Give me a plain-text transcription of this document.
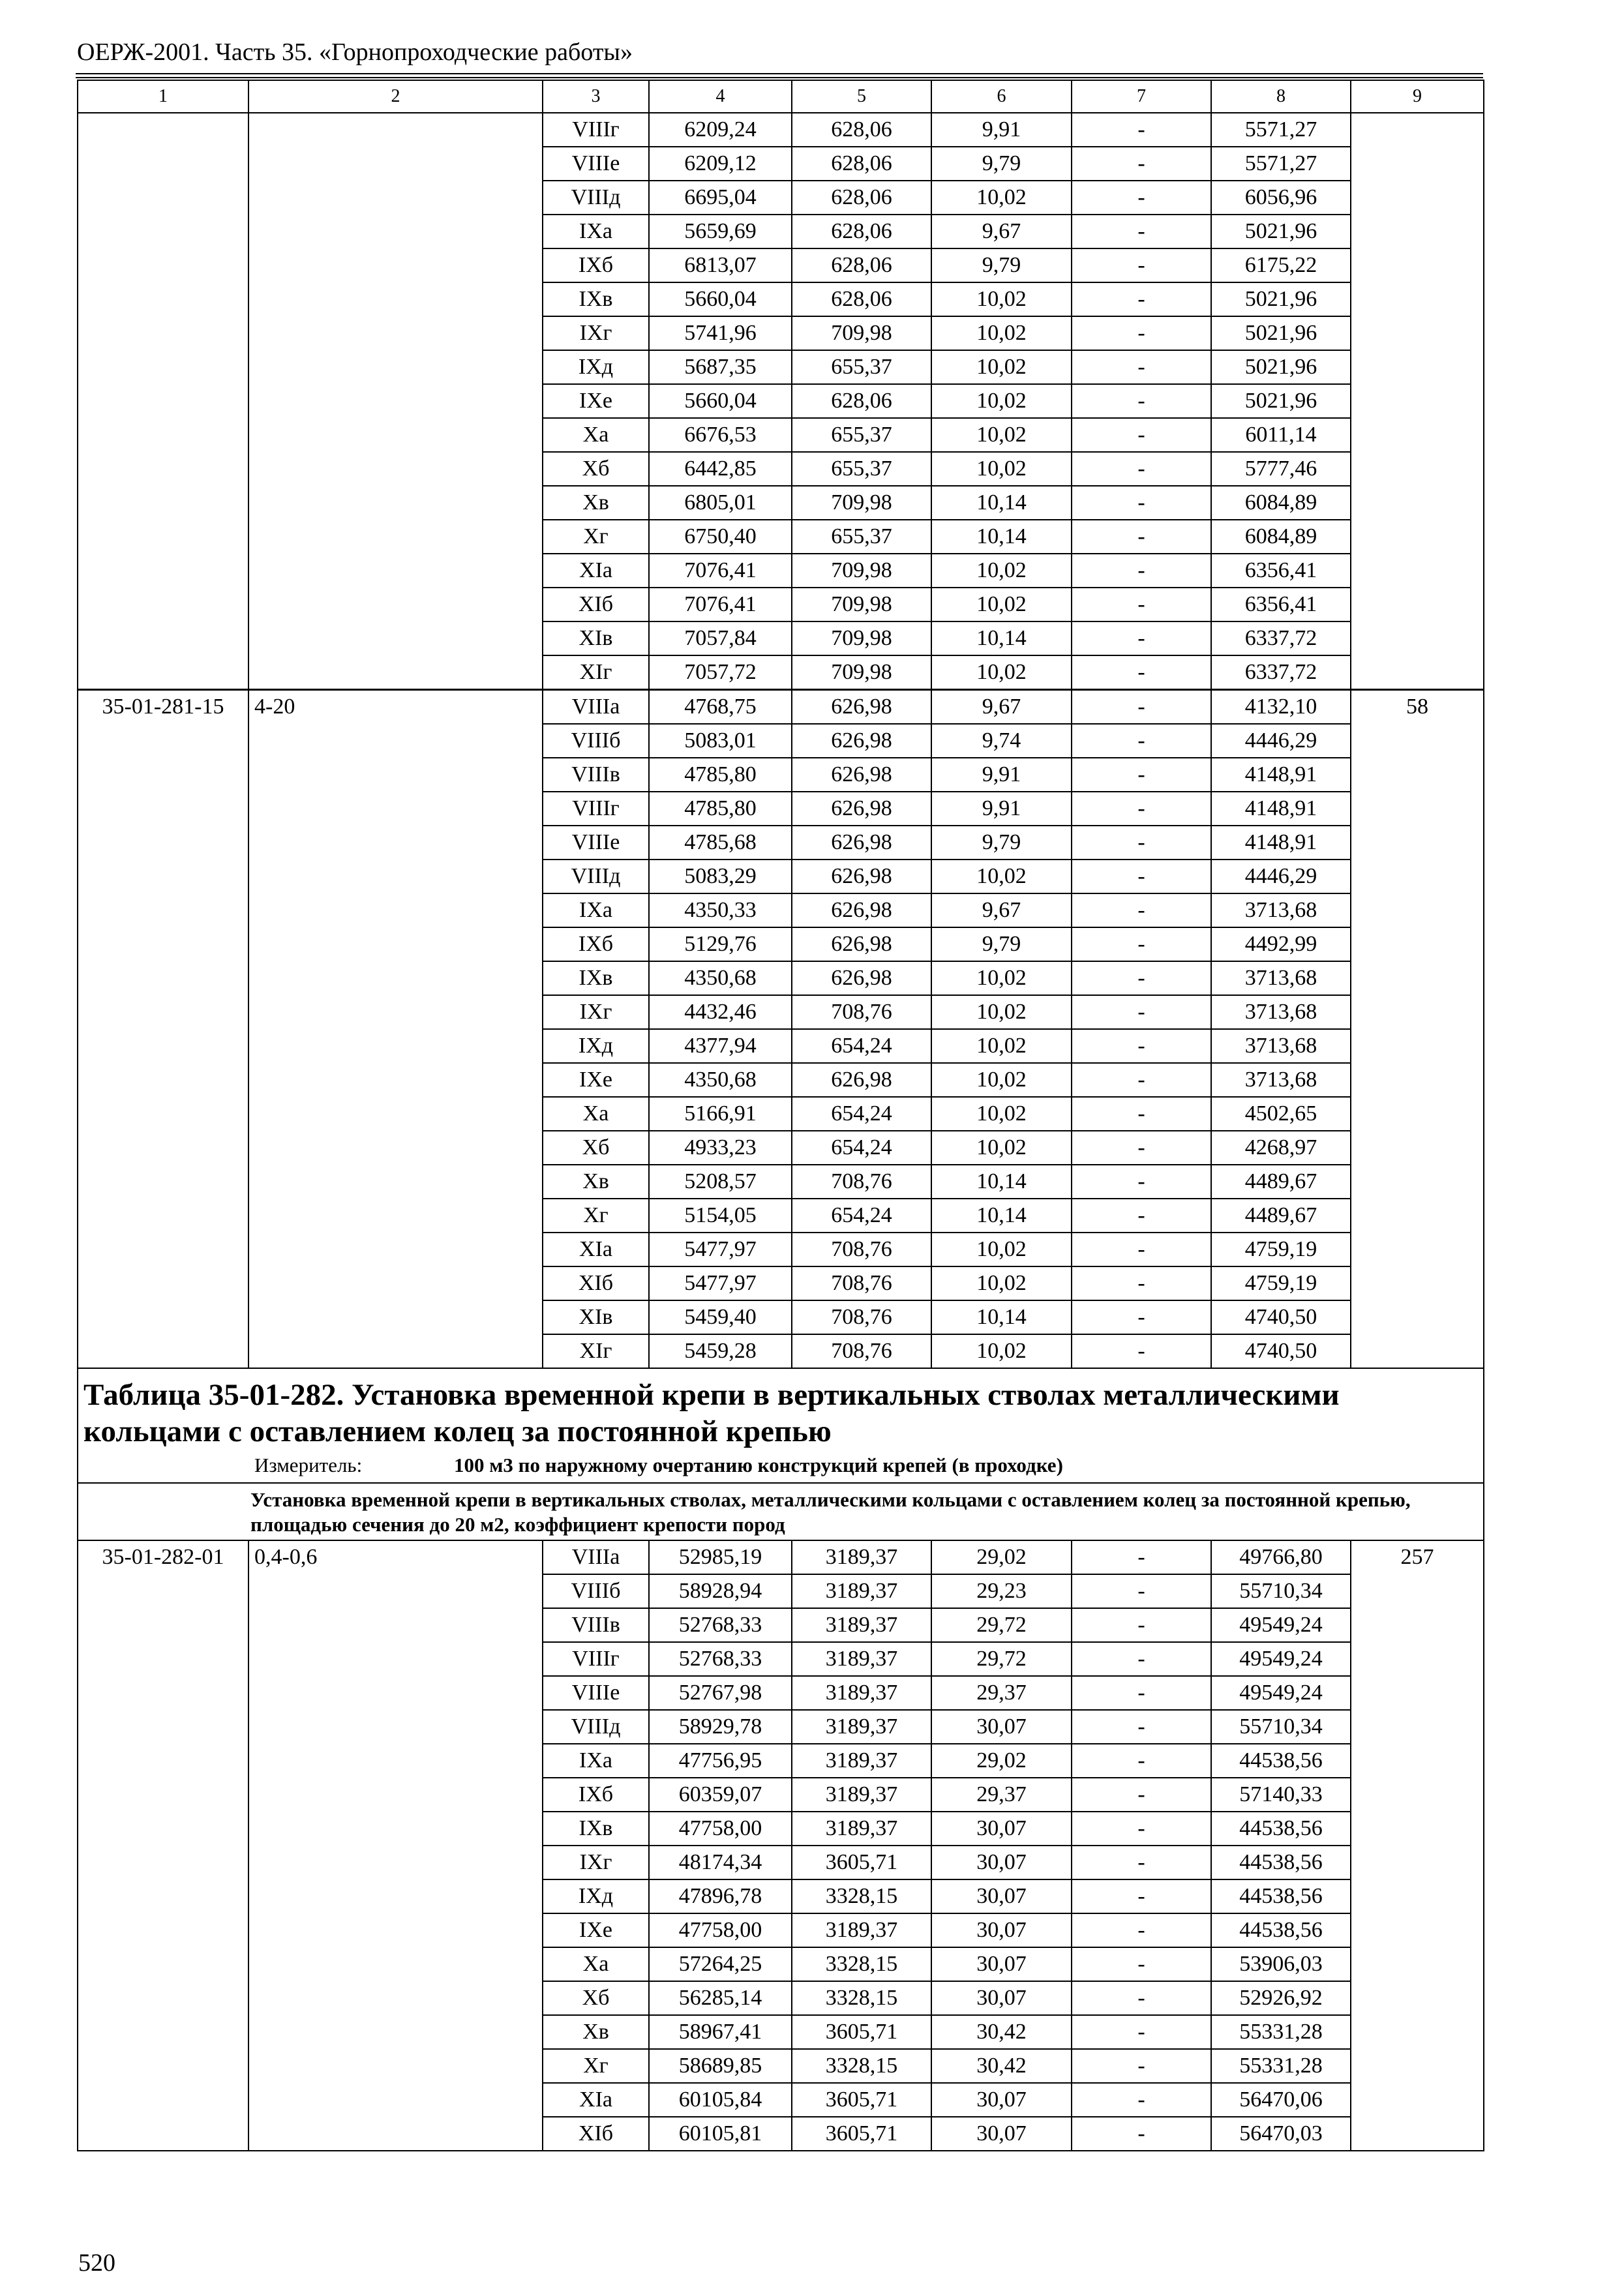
ОЕРЖ-2001. Часть 35. «Горнопроходческие работы»
1	2	3	4	5	6	7	8	9
		VIIIг	6209,24	628,06	9,91	-	5571,27	
		VIIIе	6209,12	628,06	9,79	-	5571,27	
		VIIIд	6695,04	628,06	10,02	-	6056,96	
		IXа	5659,69	628,06	9,67	-	5021,96	
		IXб	6813,07	628,06	9,79	-	6175,22	
		IXв	5660,04	628,06	10,02	-	5021,96	
		IXг	5741,96	709,98	10,02	-	5021,96	
		IXд	5687,35	655,37	10,02	-	5021,96	
		IXе	5660,04	628,06	10,02	-	5021,96	
		Xа	6676,53	655,37	10,02	-	6011,14	
		Xб	6442,85	655,37	10,02	-	5777,46	
		Xв	6805,01	709,98	10,14	-	6084,89	
		Xг	6750,40	655,37	10,14	-	6084,89	
		XIа	7076,41	709,98	10,02	-	6356,41	
		XIб	7076,41	709,98	10,02	-	6356,41	
		XIв	7057,84	709,98	10,14	-	6337,72	
		XIг	7057,72	709,98	10,02	-	6337,72	
35-01-281-15	4-20	VIIIа	4768,75	626,98	9,67	-	4132,10	58
		VIIIб	5083,01	626,98	9,74	-	4446,29	
		VIIIв	4785,80	626,98	9,91	-	4148,91	
		VIIIг	4785,80	626,98	9,91	-	4148,91	
		VIIIе	4785,68	626,98	9,79	-	4148,91	
		VIIIд	5083,29	626,98	10,02	-	4446,29	
		IXа	4350,33	626,98	9,67	-	3713,68	
		IXб	5129,76	626,98	9,79	-	4492,99	
		IXв	4350,68	626,98	10,02	-	3713,68	
		IXг	4432,46	708,76	10,02	-	3713,68	
		IXд	4377,94	654,24	10,02	-	3713,68	
		IXе	4350,68	626,98	10,02	-	3713,68	
		Xа	5166,91	654,24	10,02	-	4502,65	
		Xб	4933,23	654,24	10,02	-	4268,97	
		Xв	5208,57	708,76	10,14	-	4489,67	
		Xг	5154,05	654,24	10,14	-	4489,67	
		XIа	5477,97	708,76	10,02	-	4759,19	
		XIб	5477,97	708,76	10,02	-	4759,19	
		XIв	5459,40	708,76	10,14	-	4740,50	
		XIг	5459,28	708,76	10,02	-	4740,50	

Таблица 35-01-282. Установка временной крепи в вертикальных стволах металлическими кольцами с оставлением колец за постоянной крепью
Измеритель: 100 м3 по наружному очертанию конструкций крепей (в проходке)								

Установка временной крепи в вертикальных стволах, металлическими кольцами с оставлением колец за постоянной крепью, площадью сечения до 20 м2, коэффициент крепости пород								
35-01-282-01	0,4-0,6	VIIIа	52985,19	3189,37	29,02	-	49766,80	257
		VIIIб	58928,94	3189,37	29,23	-	55710,34	
		VIIIв	52768,33	3189,37	29,72	-	49549,24	
		VIIIг	52768,33	3189,37	29,72	-	49549,24	
		VIIIе	52767,98	3189,37	29,37	-	49549,24	
		VIIIд	58929,78	3189,37	30,07	-	55710,34	
		IXа	47756,95	3189,37	29,02	-	44538,56	
		IXб	60359,07	3189,37	29,37	-	57140,33	
		IXв	47758,00	3189,37	30,07	-	44538,56	
		IXг	48174,34	3605,71	30,07	-	44538,56	
		IXд	47896,78	3328,15	30,07	-	44538,56	
		IXе	47758,00	3189,37	30,07	-	44538,56	
		Xа	57264,25	3328,15	30,07	-	53906,03	
		Xб	56285,14	3328,15	30,07	-	52926,92	
		Xв	58967,41	3605,71	30,42	-	55331,28	
		Xг	58689,85	3328,15	30,42	-	55331,28	
		XIа	60105,84	3605,71	30,07	-	56470,06	
		XIб	60105,81	3605,71	30,07	-	56470,03	
520
